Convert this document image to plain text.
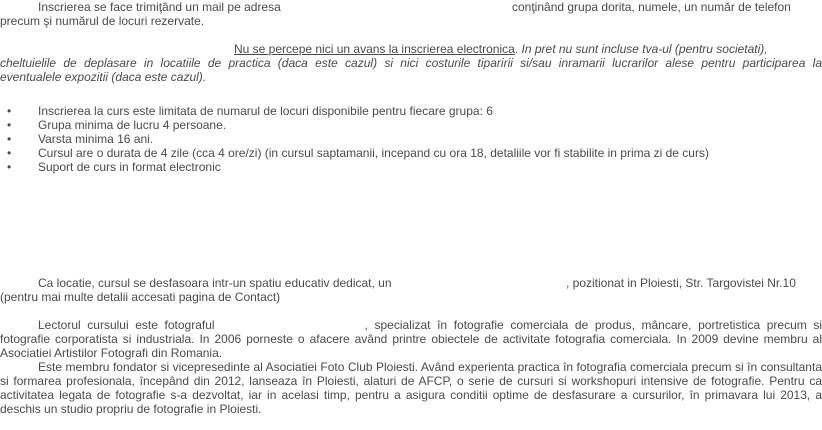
Inscrierea se face trimiţând un mail pe adresa	conţinând grupa dorita, numele, un număr de telefon
precum şi numărul de locuri rezervate.
Nu se percepe nici un avans la inscrierea electronica. In pret nu sunt incluse tva-ul (pentru societati),
cheltuielile de deplasare in locatiile de practica (daca este cazul) si nici costurile tiparirii si/sau inramarii lucrarilor alese pentru participarea la
eventualele expozitii (daca este cazul).
• Inscrierea la curs este limitata de numarul de locuri disponibile pentru fiecare grupa: 6
• Grupa minima de lucru 4 persoane.
• Varsta minima 16 ani.
• Cursul are o durata de 4 zile (cca 4 ore/zi) (in cursul saptamanii, incepand cu ora 18, detaliile vor fi stabilite in prima zi de curs)
• Suport de curs in format electronic
Ca locatie, cursul se desfasoara intr-un spatiu educativ dedicat, un	, pozitionat in Ploiesti, Str. Targovistei Nr.10
(pentru mai multe detalii accesati pagina de Contact)

Lectorul cursului este fotograful	, specializat în fotografie comerciala de produs, mâncare, portretistica precum si fotografie corporatista si industriala. In 2006 porneste o afacere având printre obiectele de activitate fotografia comerciala. In 2009 devine membru al Asociatiei Artistilor Fotografi din Romania.

Este membru fondator si vicepresedinte al Asociatiei Foto Club Ploiesti. Având experienta practica în fotografia comerciala precum si în consultanta si formarea profesionala, începând din 2012, lanseaza în Ploiesti, alaturi de AFCP, o serie de cursuri si workshopuri intensive de fotografie. Pentru ca activitatea legata de fotografie s-a dezvoltat, iar in acelasi timp, pentru a asigura conditii optime de desfasurare a cursurilor, în primavara lui 2013, a deschis un studio propriu de fotografie in Ploiesti.
